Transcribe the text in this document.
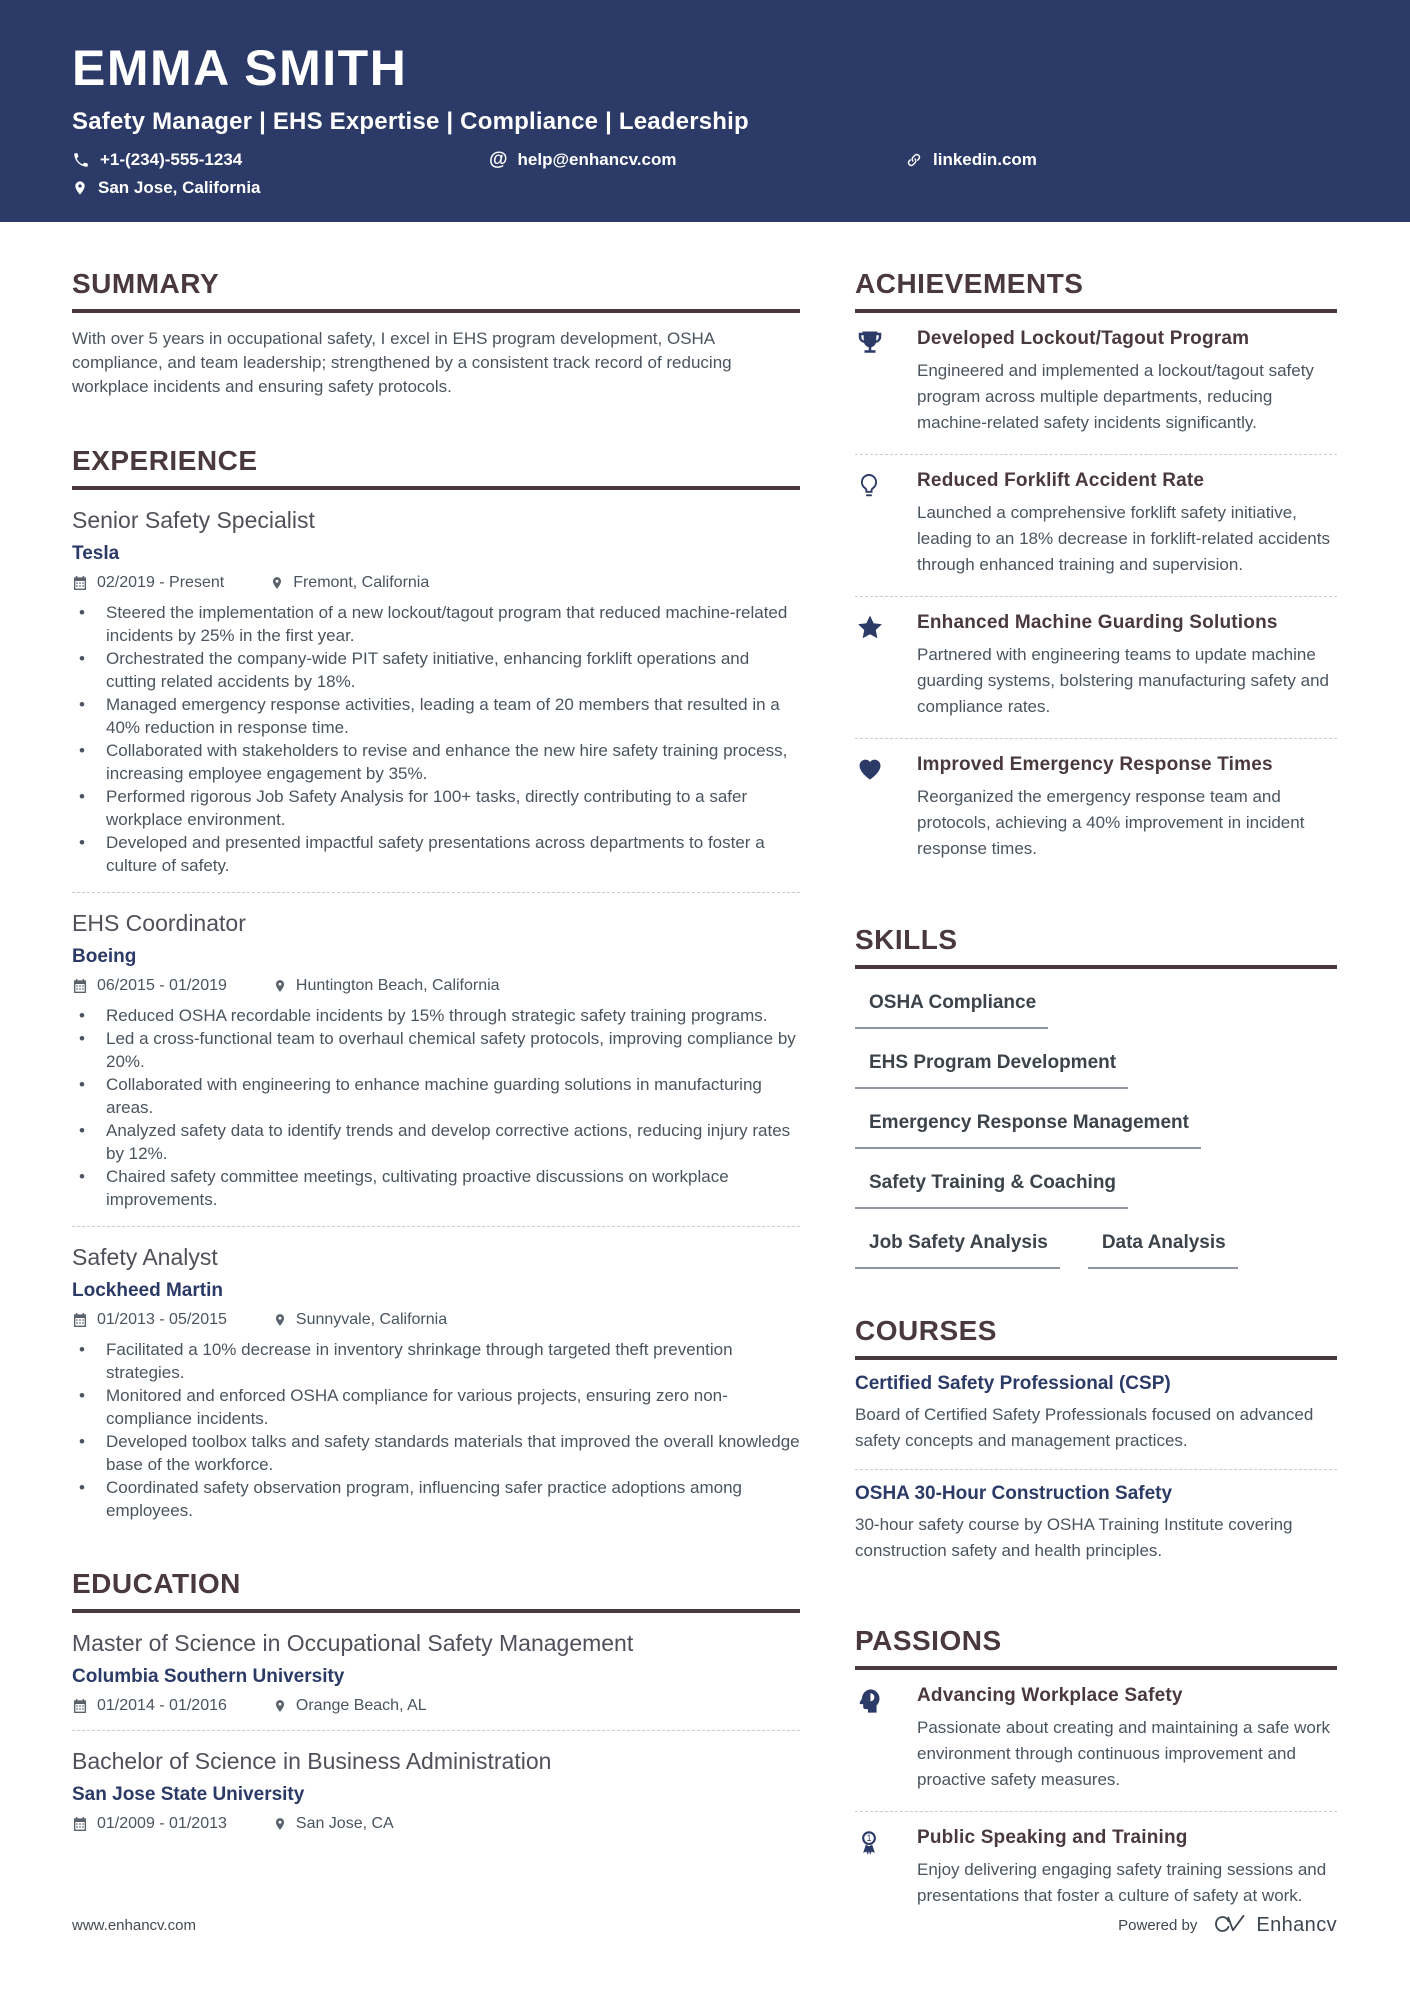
EMMA SMITH
Safety Manager | EHS Expertise | Compliance | Leadership
+1-(234)-555-1234	@ help@enhancv.com	linkedin.com
San Jose, California
SUMMARY
With over 5 years in occupational safety, I excel in EHS program development, OSHA compliance, and team leadership; strengthened by a consistent track record of reducing workplace incidents and ensuring safety protocols.
EXPERIENCE
Senior Safety Specialist
Tesla
02/2019 - Present	Fremont, California
• Steered the implementation of a new lockout/tagout program that reduced machine-related incidents by 25% in the first year.
• Orchestrated the company-wide PIT safety initiative, enhancing forklift operations and cutting related accidents by 18%.
• Managed emergency response activities, leading a team of 20 members that resulted in a 40% reduction in response time.
• Collaborated with stakeholders to revise and enhance the new hire safety training process, increasing employee engagement by 35%.
• Performed rigorous Job Safety Analysis for 100+ tasks, directly contributing to a safer workplace environment.
• Developed and presented impactful safety presentations across departments to foster a culture of safety.
EHS Coordinator
Boeing
06/2015 - 01/2019	Huntington Beach, California
• Reduced OSHA recordable incidents by 15% through strategic safety training programs.
• Led a cross-functional team to overhaul chemical safety protocols, improving compliance by 20%.
• Collaborated with engineering to enhance machine guarding solutions in manufacturing areas.
• Analyzed safety data to identify trends and develop corrective actions, reducing injury rates by 12%.
• Chaired safety committee meetings, cultivating proactive discussions on workplace improvements.
Safety Analyst
Lockheed Martin
01/2013 - 05/2015	Sunnyvale, California
• Facilitated a 10% decrease in inventory shrinkage through targeted theft prevention strategies.
• Monitored and enforced OSHA compliance for various projects, ensuring zero non-compliance incidents.
• Developed toolbox talks and safety standards materials that improved the overall knowledge base of the workforce.
• Coordinated safety observation program, influencing safer practice adoptions among employees.
EDUCATION
Master of Science in Occupational Safety Management
Columbia Southern University
01/2014 - 01/2016	Orange Beach, AL
Bachelor of Science in Business Administration
San Jose State University
01/2009 - 01/2013	San Jose, CA
ACHIEVEMENTS
Developed Lockout/Tagout Program
Engineered and implemented a lockout/tagout safety program across multiple departments, reducing machine-related safety incidents significantly.
Reduced Forklift Accident Rate
Launched a comprehensive forklift safety initiative, leading to an 18% decrease in forklift-related accidents through enhanced training and supervision.
Enhanced Machine Guarding Solutions
Partnered with engineering teams to update machine guarding systems, bolstering manufacturing safety and compliance rates.
Improved Emergency Response Times
Reorganized the emergency response team and protocols, achieving a 40% improvement in incident response times.
SKILLS
OSHA Compliance
EHS Program Development
Emergency Response Management
Safety Training & Coaching
Job Safety Analysis	Data Analysis
COURSES
Certified Safety Professional (CSP)
Board of Certified Safety Professionals focused on advanced safety concepts and management practices.
OSHA 30-Hour Construction Safety
30-hour safety course by OSHA Training Institute covering construction safety and health principles.
PASSIONS
Advancing Workplace Safety
Passionate about creating and maintaining a safe work environment through continuous improvement and proactive safety measures.
1 Public Speaking and Training
Enjoy delivering engaging safety training sessions and presentations that foster a culture of safety at work.
www.enhancv.com	Powered by	Enhancv
